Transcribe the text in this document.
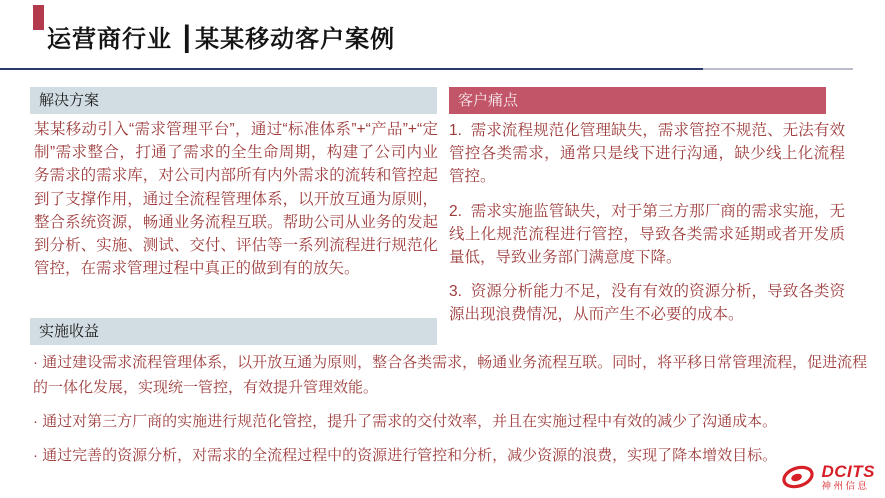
运营商行业 ┃某某移动客户案例
解决方案
某某移动引入“需求管理平台”，通过“标准体系”+“产品”+“定制”需求整合，打通了需求的全生命周期，构建了公司内业务需求的需求库，对公司内部所有内外需求的流转和管控起到了支撑作用，通过全流程管理体系，以开放互通为原则，整合系统资源，畅通业务流程互联。帮助公司从业务的发起到分析、实施、测试、交付、评估等一系列流程进行规范化管控，在需求管理过程中真正的做到有的放矢。
客户痛点

1.  需求流程规范化管理缺失，需求管控不规范、无法有效管控各类需求，通常只是线下进行沟通，缺少线上化流程管控。

2.  需求实施监管缺失，对于第三方那厂商的需求实施，无线上化规范流程进行管控，导致各类需求延期或者开发质量低，导致业务部门满意度下降。

3.  资源分析能力不足，没有有效的资源分析，导致各类资源出现浪费情况，从而产生不必要的成本。

实施收益

· 通过建设需求流程管理体系，以开放互通为原则，整合各类需求，畅通业务流程互联。同时，将平移日常管理流程，促进流程的一体化发展，实现统一管控，有效提升管理效能。

· 通过对第三方厂商的实施进行规范化管控，提升了需求的交付效率，并且在实施过程中有效的减少了沟通成本。

· 通过完善的资源分析，对需求的全流程过程中的资源进行管控和分析，减少资源的浪费，实现了降本增效目标。

DCITS
神州信息
